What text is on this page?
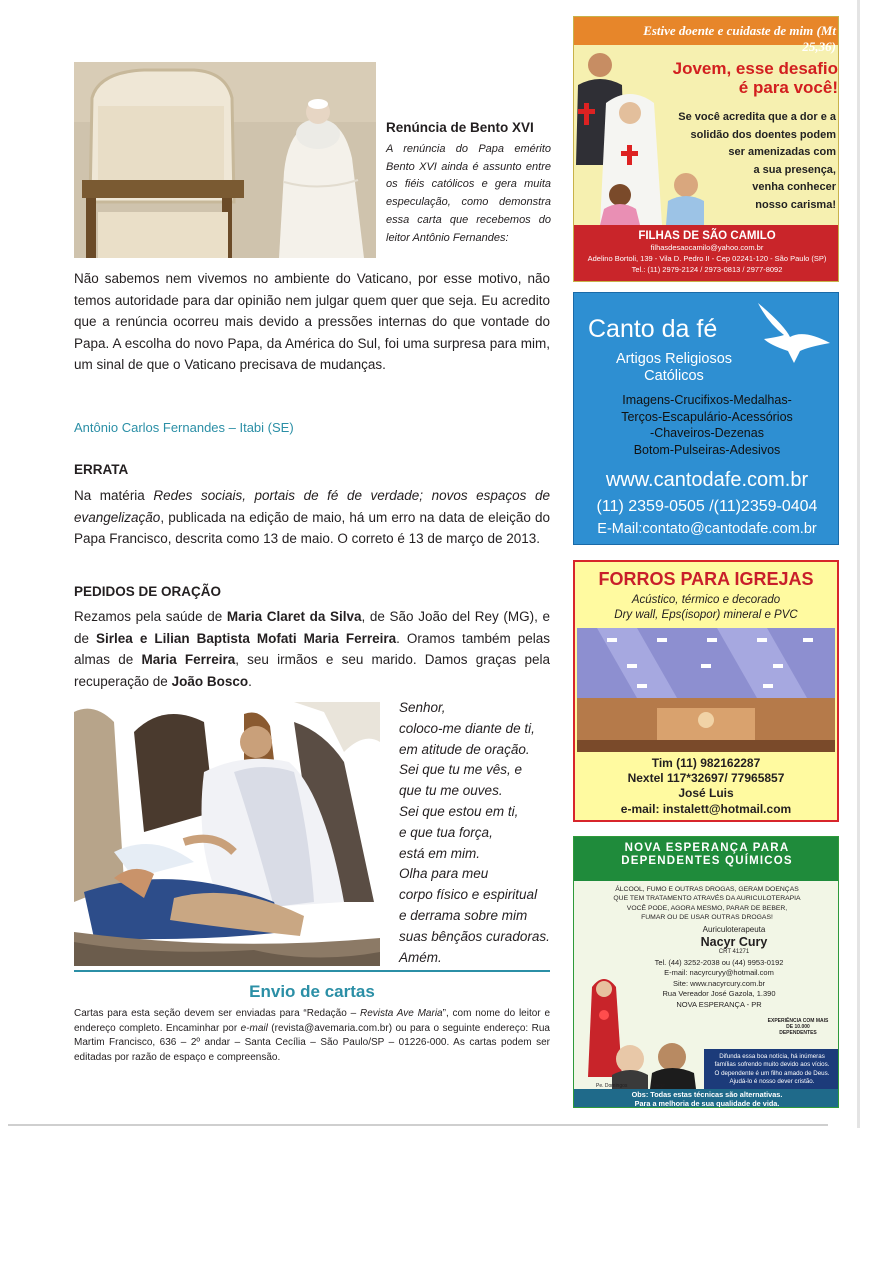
Renúncia de Bento XVI
A renúncia do Papa emérito Bento XVI ainda é assunto entre os fiéis católicos e gera muita especulação, como demonstra essa carta que recebemos do leitor Antônio Fernandes:
Não sabemos nem vivemos no ambiente do Vaticano, por esse motivo, não temos autoridade para dar opinião nem julgar quem quer que seja. Eu acredito que a renúncia ocorreu mais devido a pressões internas do que vontade do Papa. A escolha do novo Papa, da América do Sul, foi uma surpresa para mim, um sinal de que o Vaticano precisava de mudanças.
Antônio Carlos Fernandes – Itabi (SE)
ERRATA
Na matéria Redes sociais, portais de fé de verdade; novos espaços de evangelização, publicada na edição de maio, há um erro na data de eleição do Papa Francisco, descrita como 13 de maio. O correto é 13 de março de 2013.
PEDIDOS DE ORAÇÃO
Rezamos pela saúde de Maria Claret da Silva, de São João del Rey (MG), e de Sirlea e Lilian Baptista Mofati Maria Ferreira. Oramos também pelas almas de Maria Ferreira, seu irmãos e seu marido. Damos graças pela recuperação de João Bosco.
Senhor,
coloco-me diante de ti,
em atitude de oração.
Sei que tu me vês, e
que tu me ouves.
Sei que estou em ti,
e que tua força,
está em mim.
Olha para meu
corpo físico e espiritual
e derrama sobre mim
suas bênçãos curadoras.
Amém.
Envio de cartas
Cartas para esta seção devem ser enviadas para “Redação – Revista Ave Maria”, com nome do leitor e endereço completo. Encaminhar por e-mail (revista@avemaria.com.br) ou para o seguinte endereço: Rua Martim Francisco, 636 – 2º andar – Santa Cecília – São Paulo/SP – 01226-000. As cartas podem ser editadas por razão de espaço e compreensão.
Estive doente e cuidaste de mim (Mt 25,36)
Jovem, esse desafio
é para você!
Se você acredita que a dor e a
solidão dos doentes podem
ser amenizadas com
a sua presença,
venha conhecer
nosso carisma!
FILHAS DE SÃO CAMILO
filhasdesaocamilo@yahoo.com.br
Adelino Bortoli, 139 - Vila D. Pedro II - Cep 02241-120 - São Paulo (SP)
Tel.: (11) 2979-2124 / 2973-0813 / 2977-8092
Canto da fé
Artigos Religiosos
Católicos
Imagens-Crucifixos-Medalhas-
Terços-Escapulário-Acessórios
-Chaveiros-Dezenas
Botom-Pulseiras-Adesivos
www.cantodafe.com.br
(11) 2359-0505 /(11)2359-0404
E-Mail:contato@cantodafe.com.br
FORROS PARA IGREJAS
Acústico, térmico e decorado
Dry wall, Eps(isopor) mineral e PVC
Tim (11) 982162287
Nextel 117*32697/ 77965857
José Luis
e-mail: instalett@hotmail.com
NOVA ESPERANÇA PARA
DEPENDENTES QUÍMICOS
ÁLCOOL, FUMO E OUTRAS DROGAS, GERAM DOENÇAS
QUE TEM TRATAMENTO ATRAVÉS DA AURICULOTERAPIA
VOCÊ PODE, AGORA MESMO, PARAR DE BEBER,
FUMAR OU DE USAR OUTRAS DROGAS!
Auriculoterapeuta
Nacyr Cury
CRT 41271
Tel. (44) 3252-2038 ou (44) 9953-0192
E-mail: nacyrcuryy@hotmail.com
Site: www.nacyrcury.com.br
Rua Vereador José Gazola, 1.390
NOVA ESPERANÇA - PR
EXPERIÊNCIA COM MAIS
DE 10.000
DEPENDENTES
Difunda essa boa notícia, há inúmeras
famílias sofrendo muito devido aos vícios.
O dependente é um filho amado de Deus.
Ajudá-lo é nosso dever cristão.
Pe. Domingos	Nacyr
Obs: Todas estas técnicas são alternativas.
Para a melhoria de sua qualidade de vida.
